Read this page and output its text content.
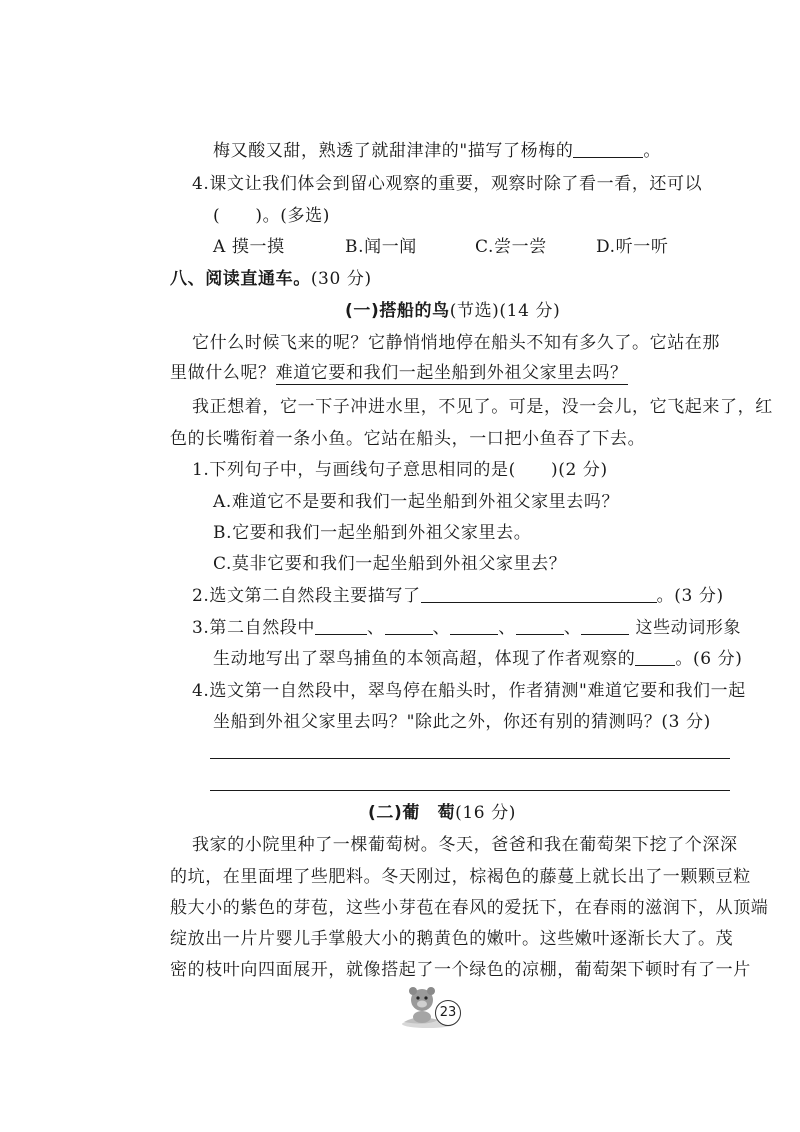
梅又酸又甜，熟透了就甜津津的"描写了杨梅的	。
4.课文让我们体会到留心观察的重要，观察时除了看一看，还可以
(　　)。(多选)
A 摸一摸	B.闻一闻	C.尝一尝	D.听一听
八、阅读直通车。(30 分)
(一)搭船的鸟(节选)(14 分)
它什么时候飞来的呢？它静悄悄地停在船头不知有多久了。它站在那
里做什么呢？难道它要和我们一起坐船到外祖父家里去吗？
我正想着，它一下子冲进水里，不见了。可是，没一会儿，它飞起来了，红
色的长嘴衔着一条小鱼。它站在船头，一口把小鱼吞了下去。
1.下列句子中，与画线句子意思相同的是(　　)(2 分)
A.难道它不是要和我们一起坐船到外祖父家里去吗？
B.它要和我们一起坐船到外祖父家里去。
C.莫非它要和我们一起坐船到外祖父家里去？
2.选文第二自然段主要描写了	。(3 分)
3.第二自然段中	、	、	、	、	这些动词形象
生动地写出了翠鸟捕鱼的本领高超，体现了作者观察的 。(6 分)
4.选文第一自然段中，翠鸟停在船头时，作者猜测"难道它要和我们一起
坐船到外祖父家里去吗？"除此之外，你还有别的猜测吗？(3 分)
(二)葡　萄(16 分)
我家的小院里种了一棵葡萄树。冬天，爸爸和我在葡萄架下挖了个深深
的坑，在里面埋了些肥料。冬天刚过，棕褐色的藤蔓上就长出了一颗颗豆粒
般大小的紫色的芽苞，这些小芽苞在春风的爱抚下，在春雨的滋润下，从顶端
绽放出一片片婴儿手掌般大小的鹅黄色的嫩叶。这些嫩叶逐渐长大了。茂
密的枝叶向四面展开，就像搭起了一个绿色的凉棚，葡萄架下顿时有了一片
23
